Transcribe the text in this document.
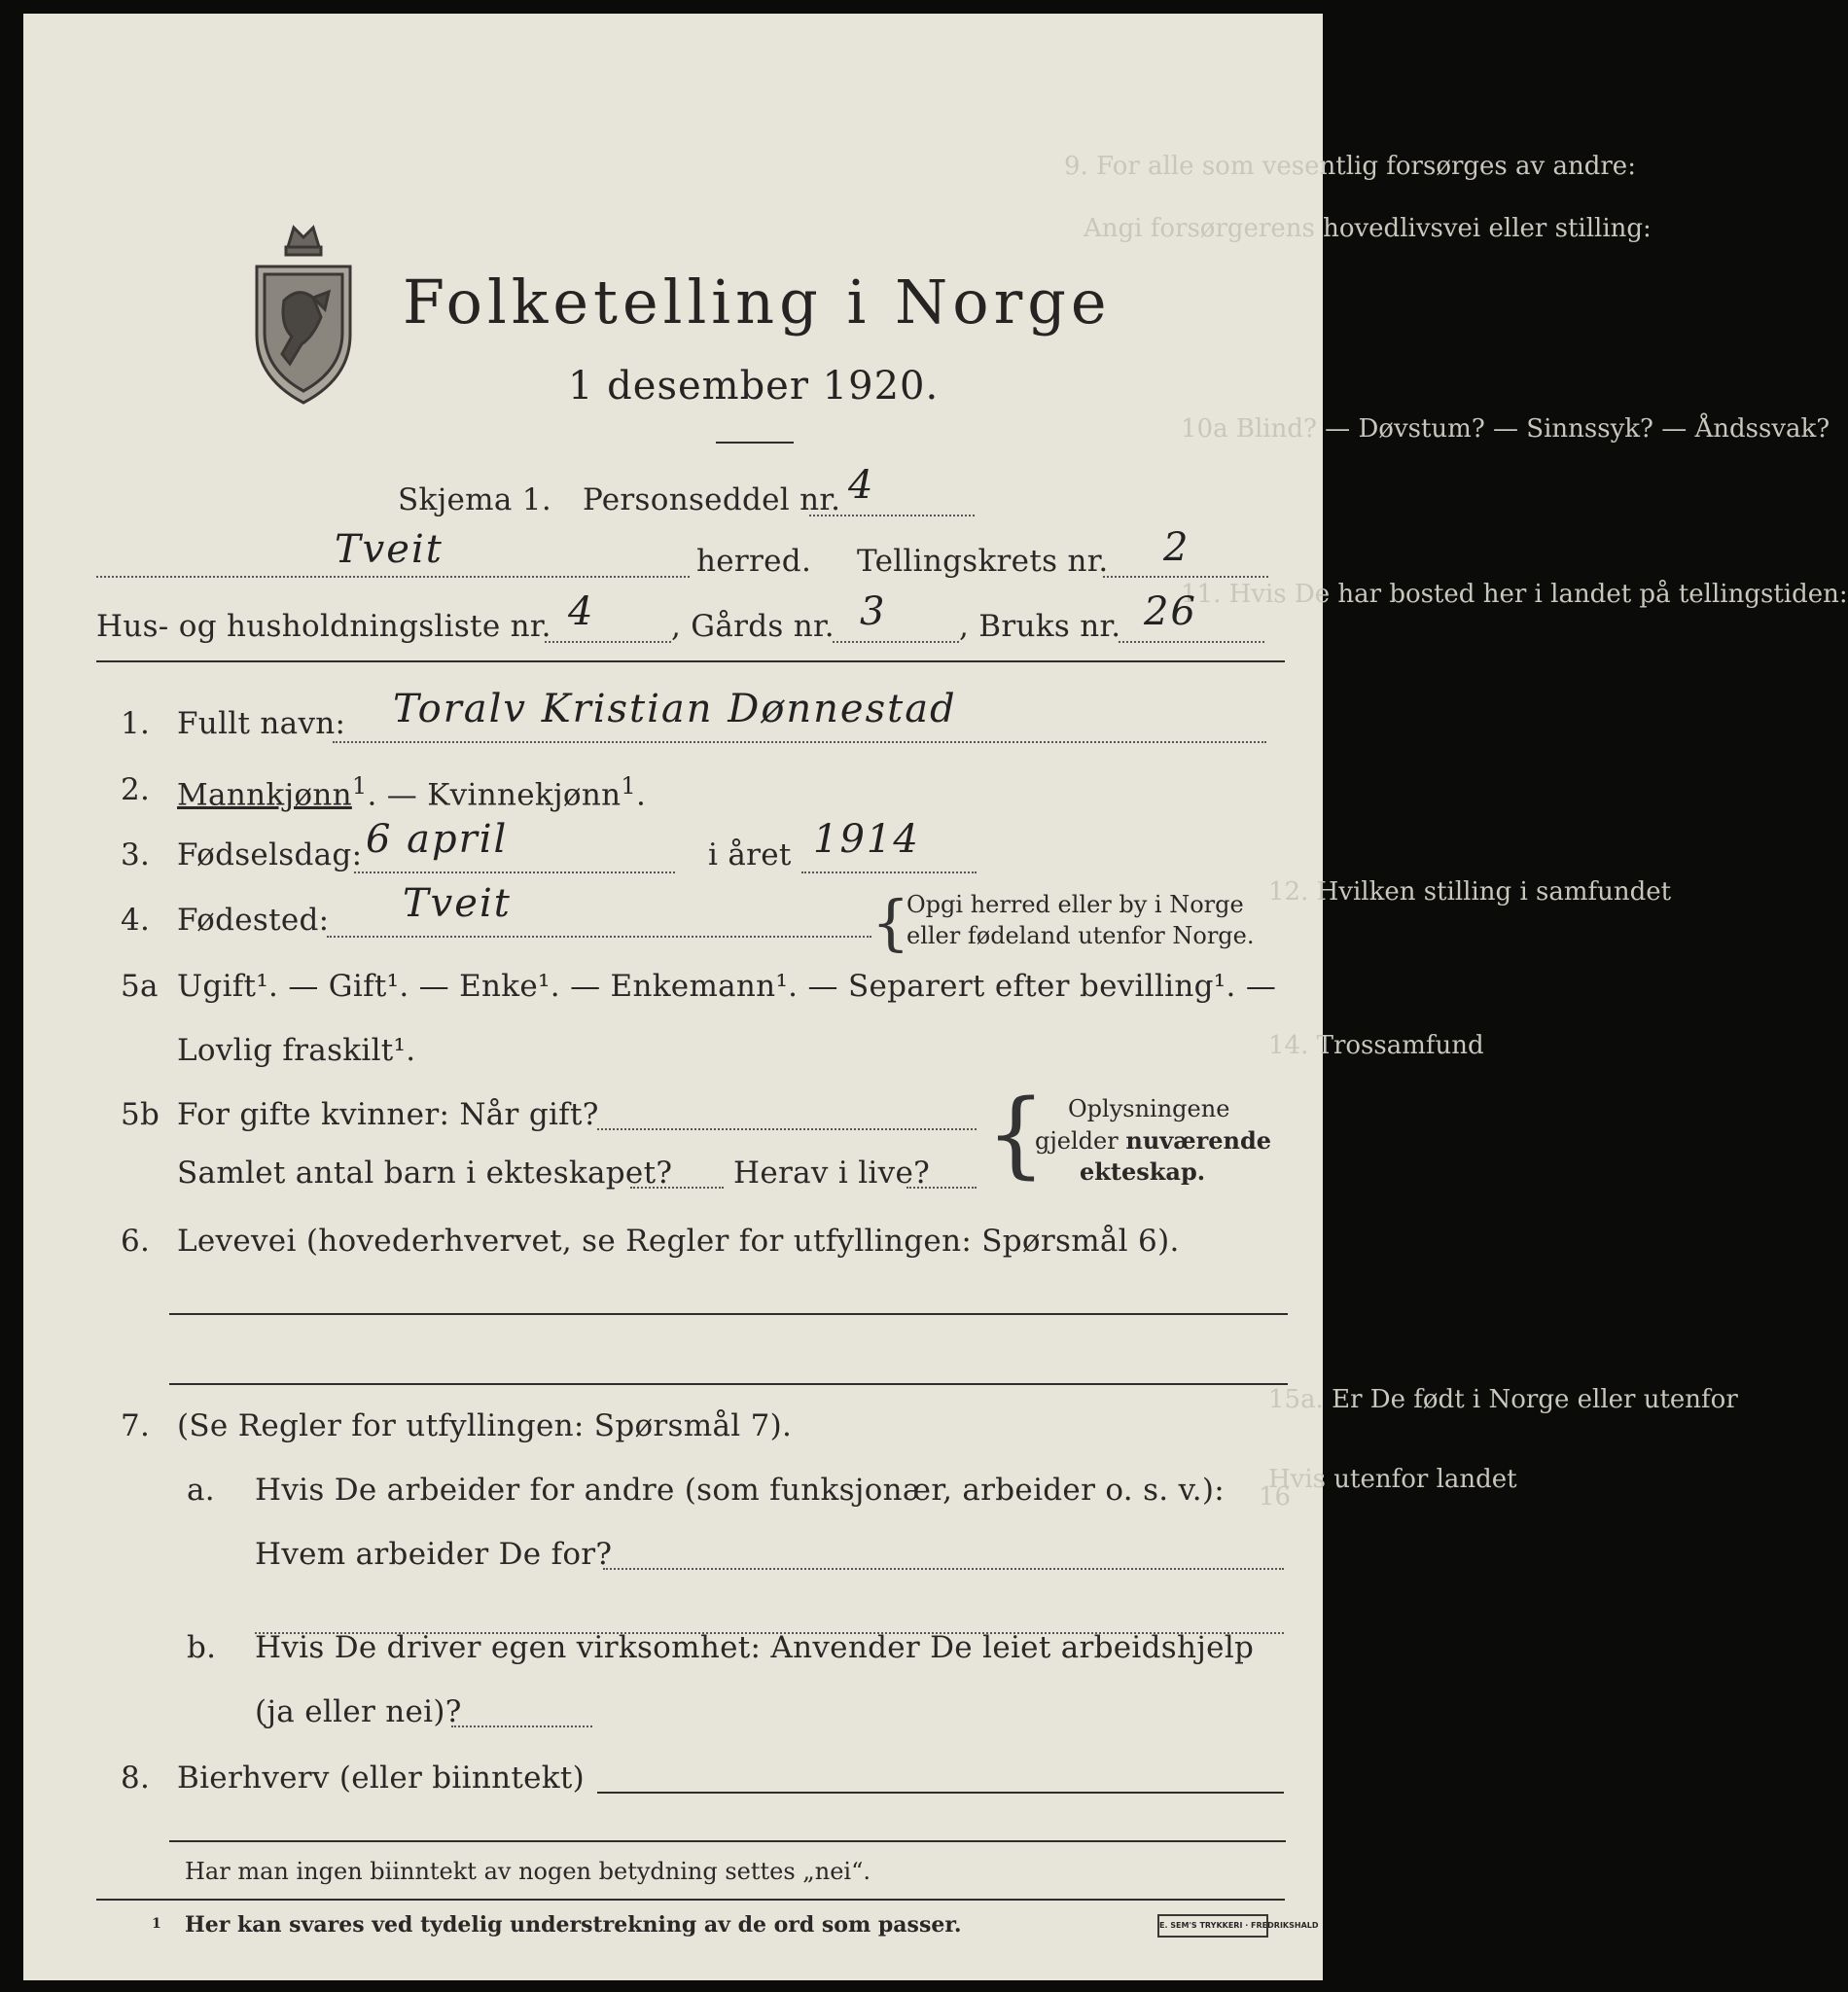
9. For alle som vesentlig forsørges av andre:
Angi forsørgerens hovedlivsvei eller stilling:
10a Blind? — Døvstum? — Sinnssyk? — Åndssvak?
11. Hvis De har bosted her i landet på tellingstiden:
12. Hvilken stilling i samfundet
14. Trossamfund
15a. Er De født i Norge eller utenfor
Hvis utenfor landet
16
Folketelling i Norge
1 desember 1920.
Skjema 1. Personseddel nr. 4
Tveit	herred. Tellingskrets nr. 2
Hus- og husholdningsliste nr. 4	, Gårds nr. 3 , Bruks nr. 26
1. Fullt navn: Toralv Kristian Dønnestad
2. Mannkjønn$^1$. — Kvinnekjønn$^1$.
3. Fødselsdag: 6 april	i året 1914
4. Fødested: Tveit	{
Opgi herred eller by i Norge
eller fødeland utenfor Norge.
5a Ugift¹. — Gift¹. — Enke¹. — Enkemann¹. — Separert efter bevilling¹. —
Lovlig fraskilt¹.
5b For gifte kvinner: Når gift?
Samlet antal barn i ekteskapet? Herav i live? { Oplysningene
gjelder nuværende
ekteskap.
6. Levevei (hovederhvervet, se Regler for utfyllingen: Spørsmål 6).
7. (Se Regler for utfyllingen: Spørsmål 7).
a. Hvis De arbeider for andre (som funksjonær, arbeider o. s. v.):
Hvem arbeider De for?
b. Hvis De driver egen virksomhet: Anvender De leiet arbeidshjelp
(ja eller nei)?
8. Bierhverv (eller biinntekt)
Har man ingen biinntekt av nogen betydning settes „nei“.
1 Her kan svares ved tydelig understrekning av de ord som passer.	E. SEM'S TRYKKERI · FREDRIKSHALD
